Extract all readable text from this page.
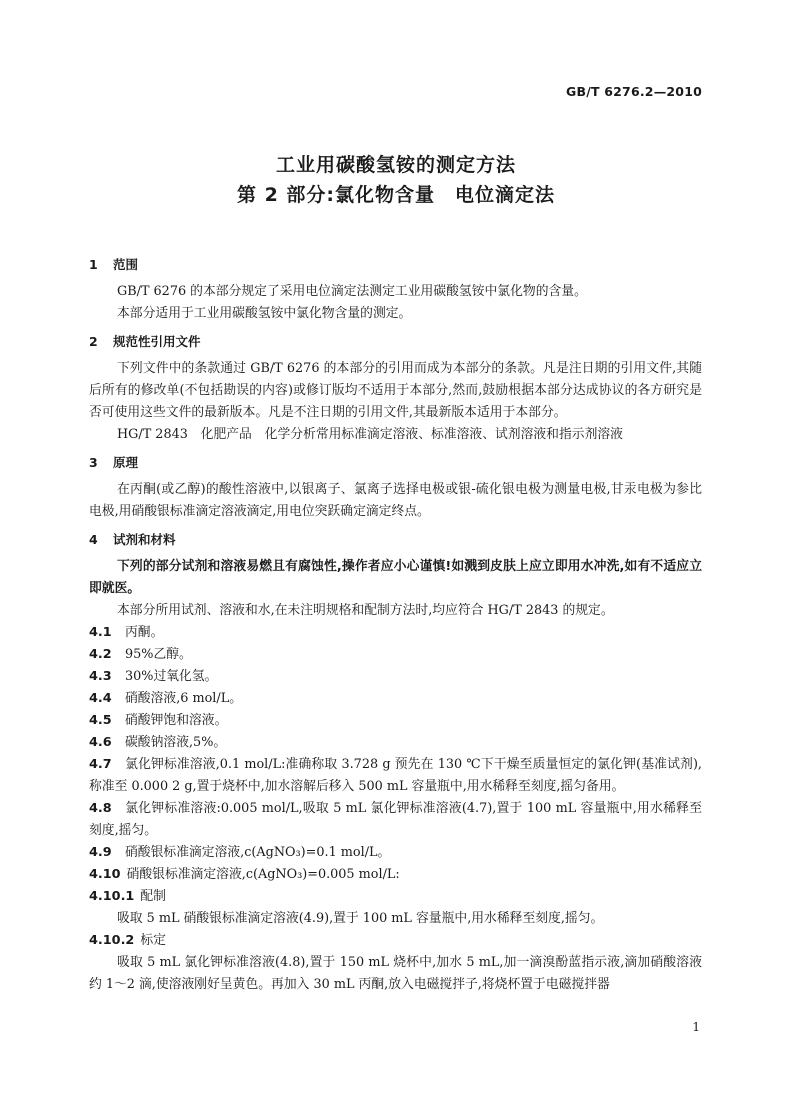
GB/T 6276.2—2010
工业用碳酸氢铵的测定方法
第 2 部分:氯化物含量　电位滴定法
1 范围

GB/T 6276 的本部分规定了采用电位滴定法测定工业用碳酸氢铵中氯化物的含量。

本部分适用于工业用碳酸氢铵中氯化物含量的测定。

2 规范性引用文件

下列文件中的条款通过 GB/T 6276 的本部分的引用而成为本部分的条款。凡是注日期的引用文件,其随后所有的修改单(不包括勘误的内容)或修订版均不适用于本部分,然而,鼓励根据本部分达成协议的各方研究是否可使用这些文件的最新版本。凡是不注日期的引用文件,其最新版本适用于本部分。

HG/T 2843　化肥产品　化学分析常用标准滴定溶液、标准溶液、试剂溶液和指示剂溶液

3 原理

在丙酮(或乙醇)的酸性溶液中,以银离子、氯离子选择电极或银-硫化银电极为测量电极,甘汞电极为参比电极,用硝酸银标准滴定溶液滴定,用电位突跃确定滴定终点。

4 试剂和材料

下列的部分试剂和溶液易燃且有腐蚀性,操作者应小心谨慎!如溅到皮肤上应立即用水冲洗,如有不适应立即就医。

本部分所用试剂、溶液和水,在未注明规格和配制方法时,均应符合 HG/T 2843 的规定。

4.1 丙酮。

4.2 95%乙醇。

4.3 30%过氧化氢。

4.4 硝酸溶液,6 mol/L。

4.5 硝酸钾饱和溶液。

4.6 碳酸钠溶液,5%。

4.7 氯化钾标准溶液,0.1 mol/L:准确称取 3.728 g 预先在 130 ℃下干燥至质量恒定的氯化钾(基准试剂),称准至 0.000 2 g,置于烧杯中,加水溶解后移入 500 mL 容量瓶中,用水稀释至刻度,摇匀备用。

4.8 氯化钾标准溶液:0.005 mol/L,吸取 5 mL 氯化钾标准溶液(4.7),置于 100 mL 容量瓶中,用水稀释至刻度,摇匀。

4.9 硝酸银标准滴定溶液,c(AgNO₃)=0.1 mol/L。

4.10 硝酸银标准滴定溶液,c(AgNO₃)=0.005 mol/L:

4.10.1 配制

吸取 5 mL 硝酸银标准滴定溶液(4.9),置于 100 mL 容量瓶中,用水稀释至刻度,摇匀。

4.10.2 标定

吸取 5 mL 氯化钾标准溶液(4.8),置于 150 mL 烧杯中,加水 5 mL,加一滴溴酚蓝指示液,滴加硝酸溶液约 1～2 滴,使溶液刚好呈黄色。再加入 30 mL 丙酮,放入电磁搅拌子,将烧杯置于电磁搅拌器

1
